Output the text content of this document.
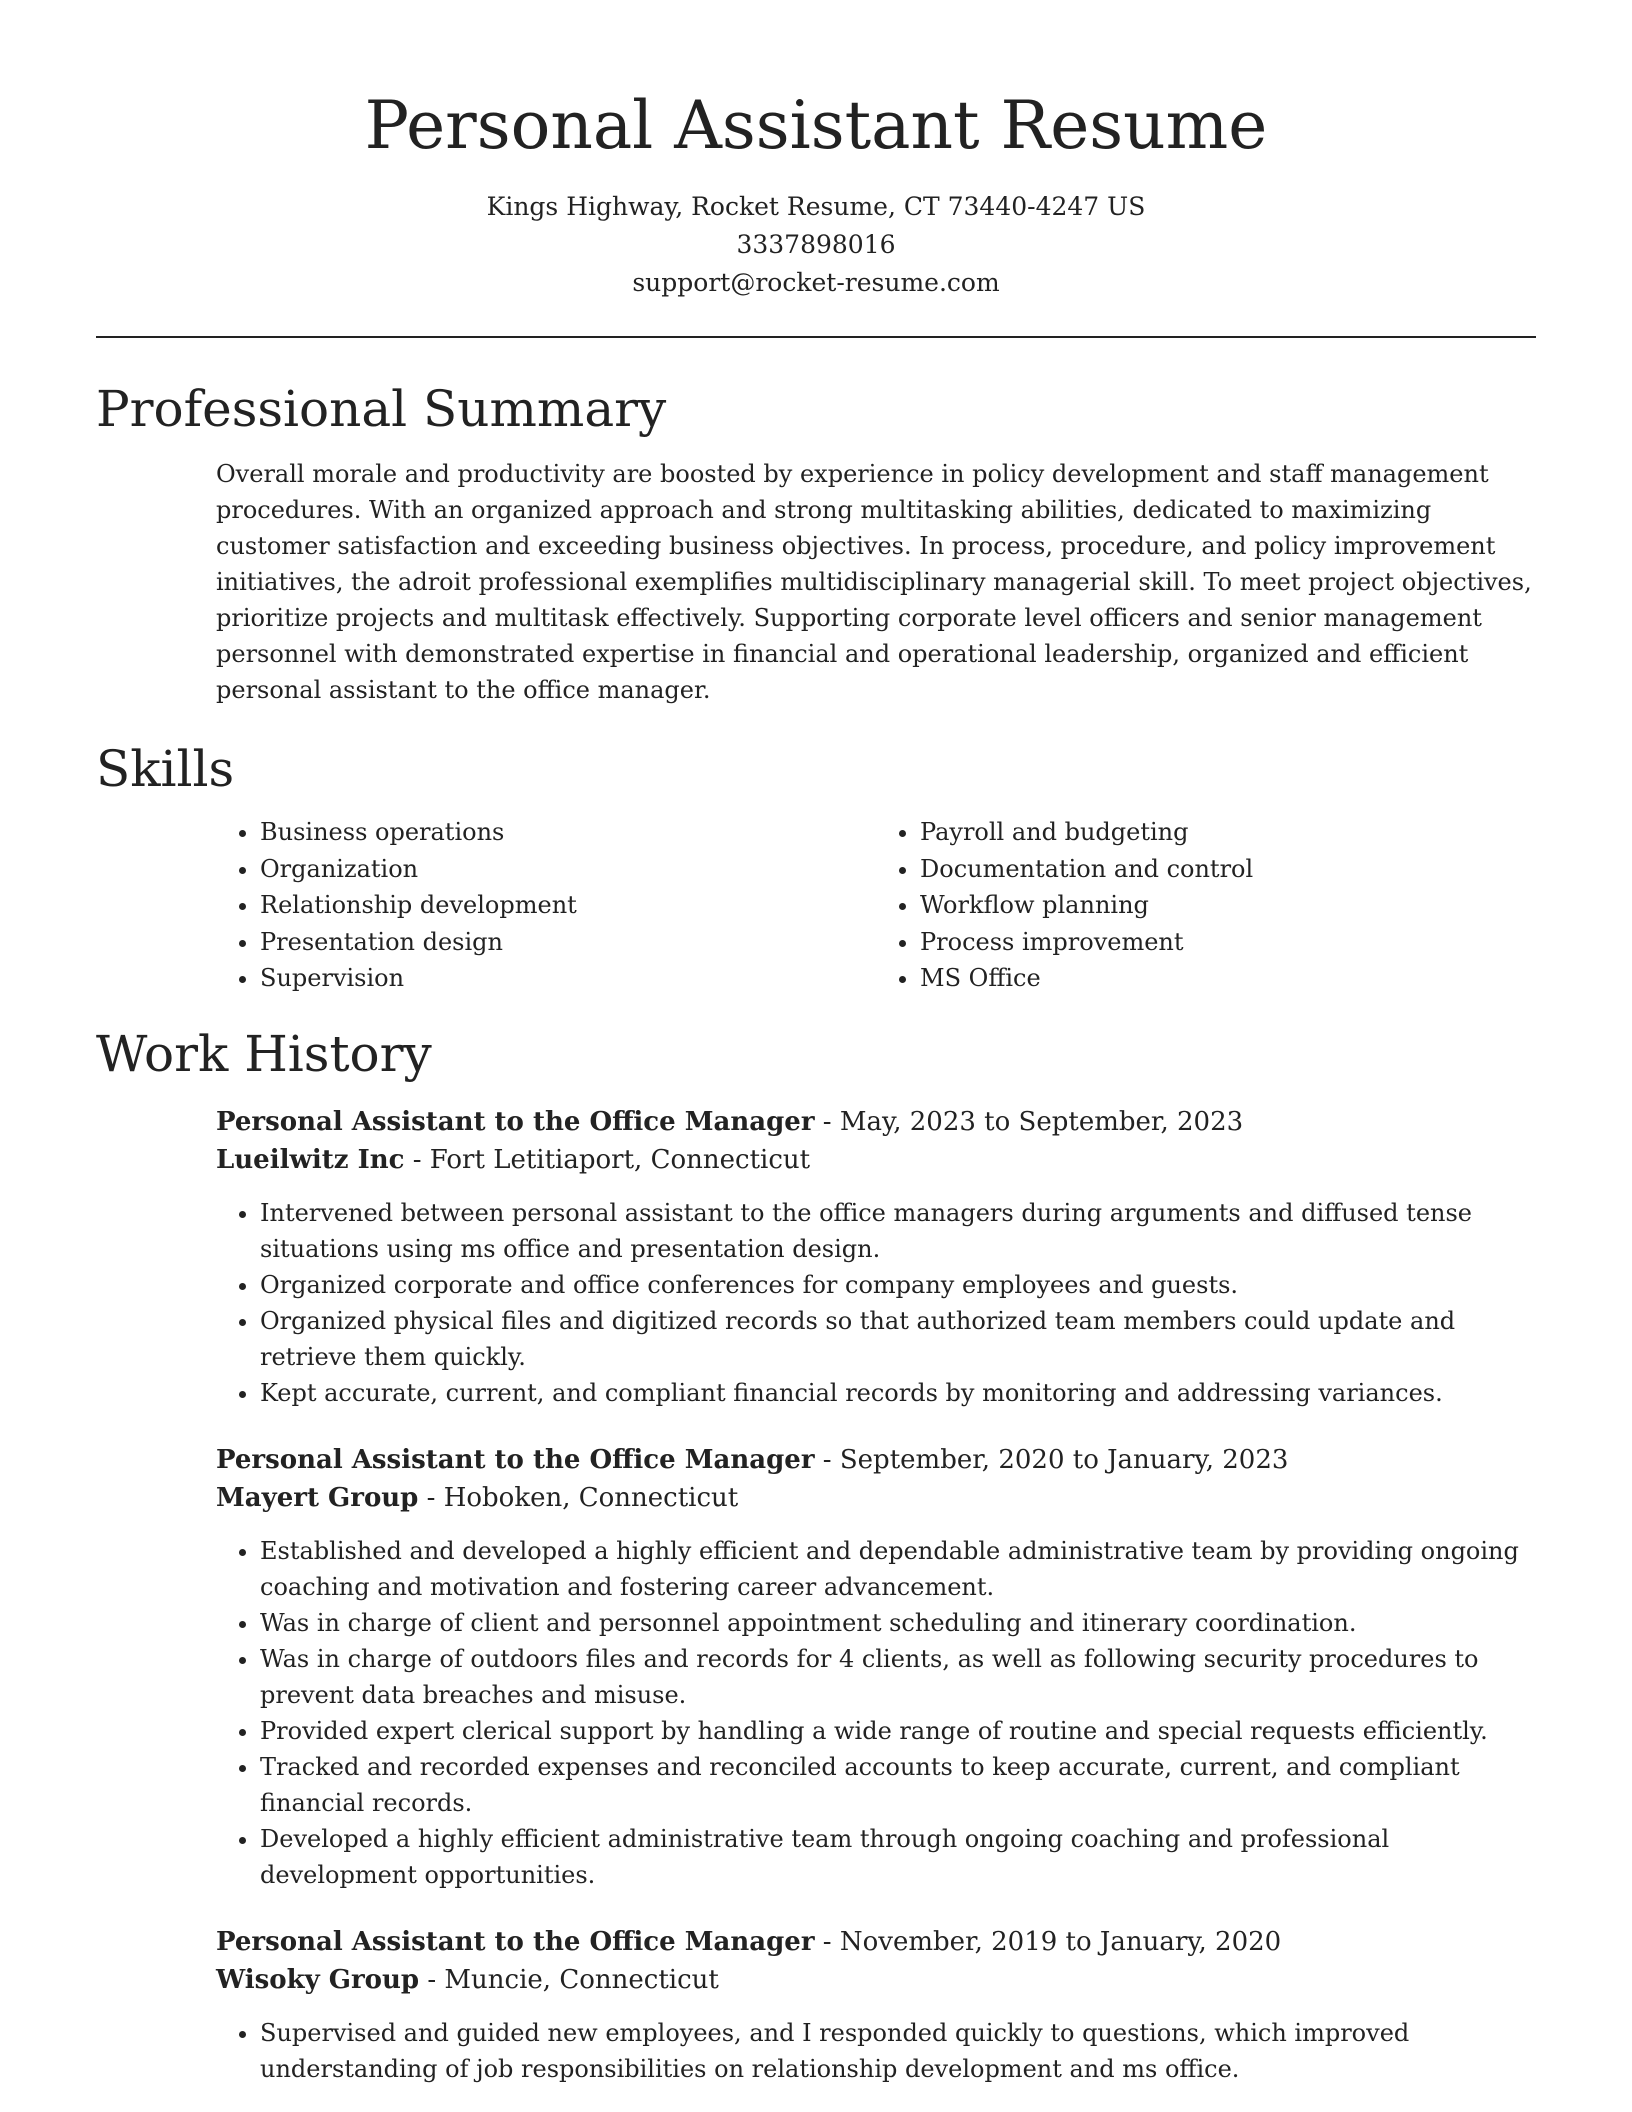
Personal Assistant Resume

Kings Highway, Rocket Resume, CT 73440-4247 US

3337898016

support@rocket-resume.com

Professional Summary

Overall morale and productivity are boosted by experience in policy development and staff management procedures. With an organized approach and strong multitasking abilities, dedicated to maximizing customer satisfaction and exceeding business objectives. In process, procedure, and policy improvement initiatives, the adroit professional exemplifies multidisciplinary managerial skill. To meet project objectives, prioritize projects and multitask effectively. Supporting corporate level officers and senior management personnel with demonstrated expertise in financial and operational leadership, organized and efficient personal assistant to the office manager.

Skills
• Business operations
• Organization
• Relationship development
• Presentation design
• Supervision
• Payroll and budgeting
• Documentation and control
• Workflow planning
• Process improvement
• MS Office
Work History

Personal Assistant to the Office Manager - May, 2023 to September, 2023

Lueilwitz Inc - Fort Letitiaport, Connecticut

• Intervened between personal assistant to the office managers during arguments and diffused tense situations using ms office and presentation design.
• Organized corporate and office conferences for company employees and guests.
• Organized physical files and digitized records so that authorized team members could update and retrieve them quickly.
• Kept accurate, current, and compliant financial records by monitoring and addressing variances.

Personal Assistant to the Office Manager - September, 2020 to January, 2023

Mayert Group - Hoboken, Connecticut

• Established and developed a highly efficient and dependable administrative team by providing ongoing coaching and motivation and fostering career advancement.
• Was in charge of client and personnel appointment scheduling and itinerary coordination.
• Was in charge of outdoors files and records for 4 clients, as well as following security procedures to prevent data breaches and misuse.
• Provided expert clerical support by handling a wide range of routine and special requests efficiently.
• Tracked and recorded expenses and reconciled accounts to keep accurate, current, and compliant financial records.
• Developed a highly efficient administrative team through ongoing coaching and professional development opportunities.

Personal Assistant to the Office Manager - November, 2019 to January, 2020

Wisoky Group - Muncie, Connecticut

• Supervised and guided new employees, and I responded quickly to questions, which improved understanding of job responsibilities on relationship development and ms office.
